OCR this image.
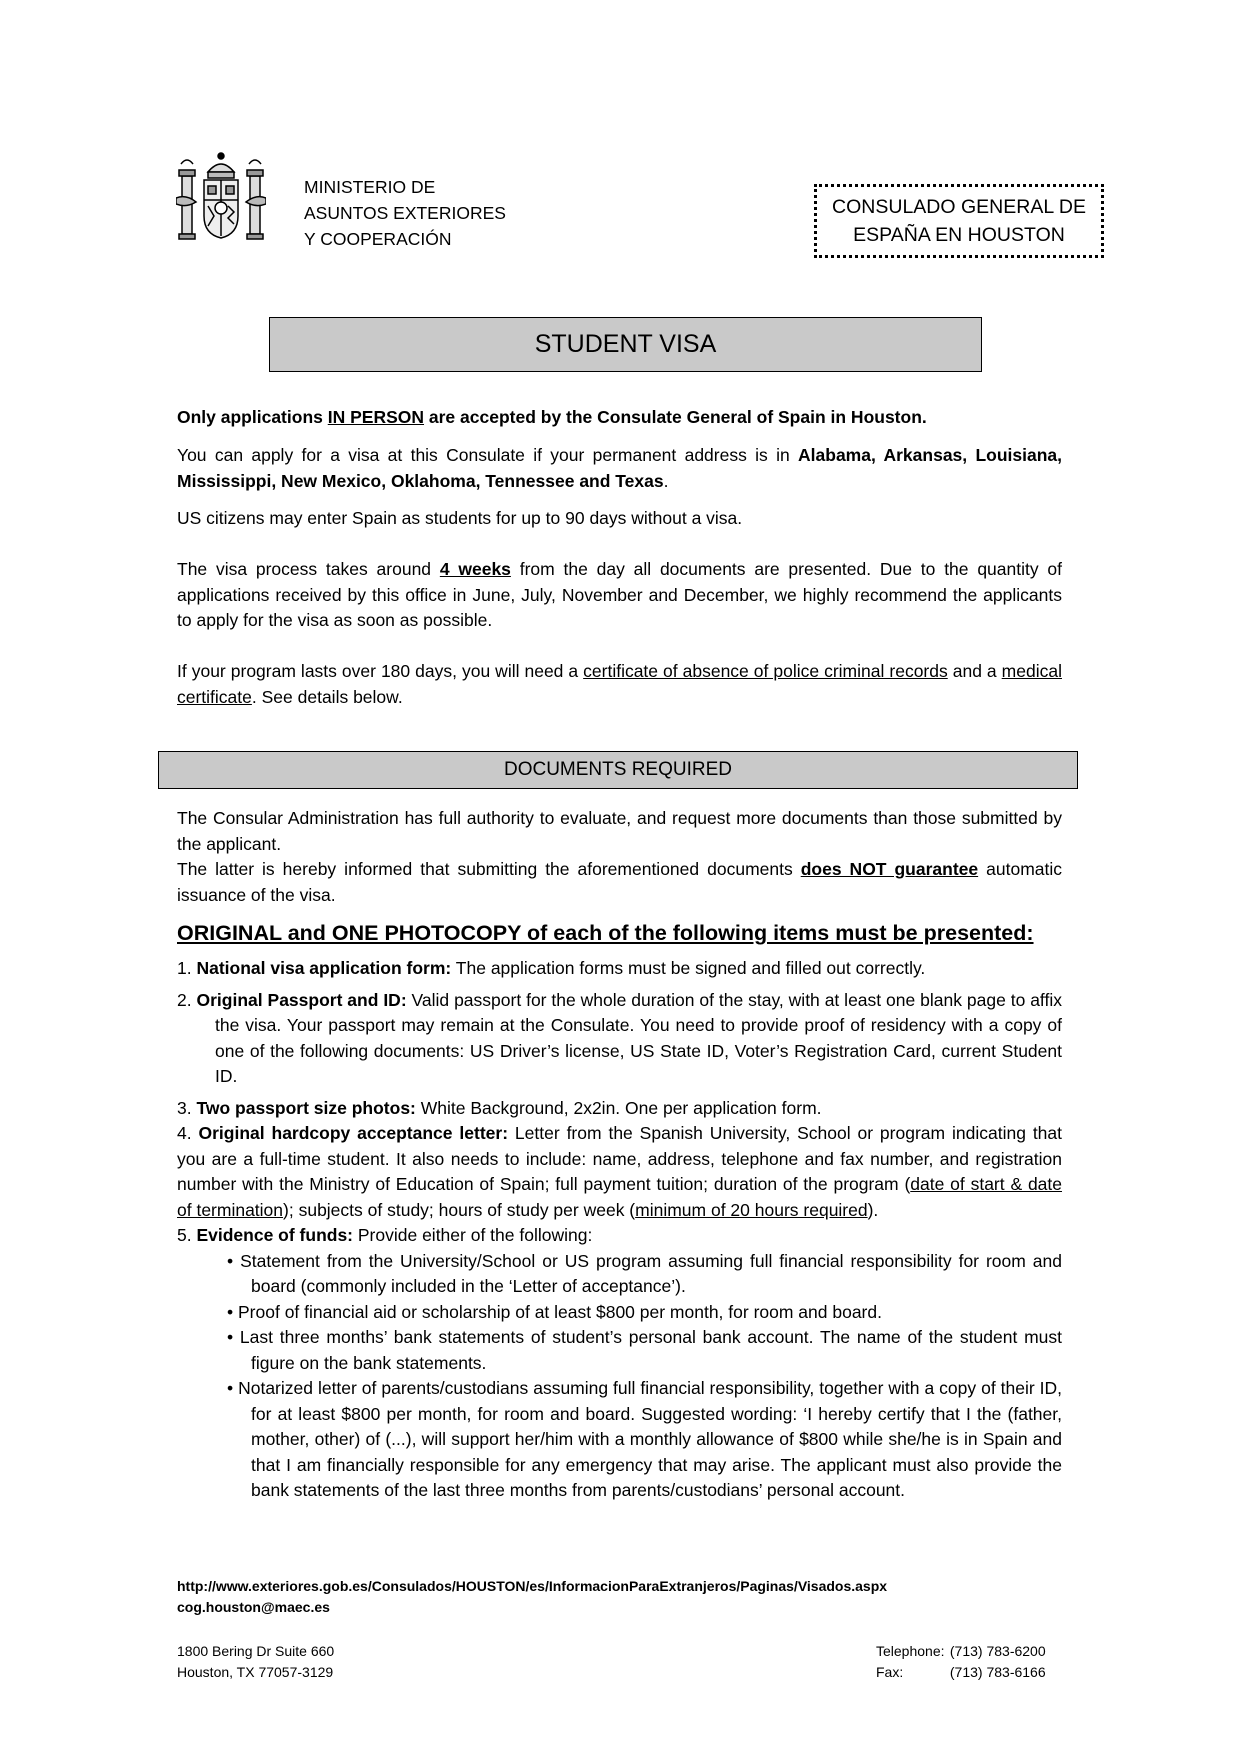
MINISTERIO DE
ASUNTOS EXTERIORES
Y COOPERACIÓN
CONSULADO GENERAL DE
ESPAÑA EN HOUSTON
STUDENT VISA

Only applications IN PERSON are accepted by the Consulate General of Spain in Houston.

You can apply for a visa at this Consulate if your permanent address is in Alabama, Arkansas, Louisiana, Mississippi, New Mexico, Oklahoma, Tennessee and Texas.

US citizens may enter Spain as students for up to 90 days without a visa.

The visa process takes around 4 weeks from the day all documents are presented. Due to the quantity of applications received by this office in June, July, November and December, we highly recommend the applicants to apply for the visa as soon as possible.

If your program lasts over 180 days, you will need a certificate of absence of police criminal records and a medical certificate. See details below.

DOCUMENTS REQUIRED

The Consular Administration has full authority to evaluate, and request more documents than those submitted by the applicant.

The latter is hereby informed that submitting the aforementioned documents does NOT guarantee automatic issuance of the visa.

ORIGINAL and ONE PHOTOCOPY of each of the following items must be presented:

1. National visa application form: The application forms must be signed and filled out correctly.

2. Original Passport and ID: Valid passport for the whole duration of the stay, with at least one blank page to affix the visa. Your passport may remain at the Consulate. You need to provide proof of residency with a copy of one of the following documents: US Driver’s license, US State ID, Voter’s Registration Card, current Student ID.

3. Two passport size photos: White Background, 2x2in. One per application form.

4. Original hardcopy acceptance letter: Letter from the Spanish University, School or program indicating that you are a full-time student. It also needs to include: name, address, telephone and fax number, and registration number with the Ministry of Education of Spain; full payment tuition; duration of the program (date of start & date of termination); subjects of study; hours of study per week (minimum of 20 hours required).

5. Evidence of funds: Provide either of the following:

• Statement from the University/School or US program assuming full financial responsibility for room and board (commonly included in the ‘Letter of acceptance’).

• Proof of financial aid or scholarship of at least $800 per month, for room and board.

• Last three months’ bank statements of student’s personal bank account. The name of the student must figure on the bank statements.

• Notarized letter of parents/custodians assuming full financial responsibility, together with a copy of their ID, for at least $800 per month, for room and board. Suggested wording: ‘I hereby certify that I the (father, mother, other) of (...), will support her/him with a monthly allowance of $800 while she/he is in Spain and that I am financially responsible for any emergency that may arise. The applicant must also provide the bank statements of the last three months from parents/custodians’ personal account.

http://www.exteriores.gob.es/Consulados/HOUSTON/es/InformacionParaExtranjeros/Paginas/Visados.aspx
cog.houston@maec.es
1800 Bering Dr Suite 660
Houston, TX 77057-3129
Telephone:
(713) 783-6200
Fax:
	(713) 783-6166
